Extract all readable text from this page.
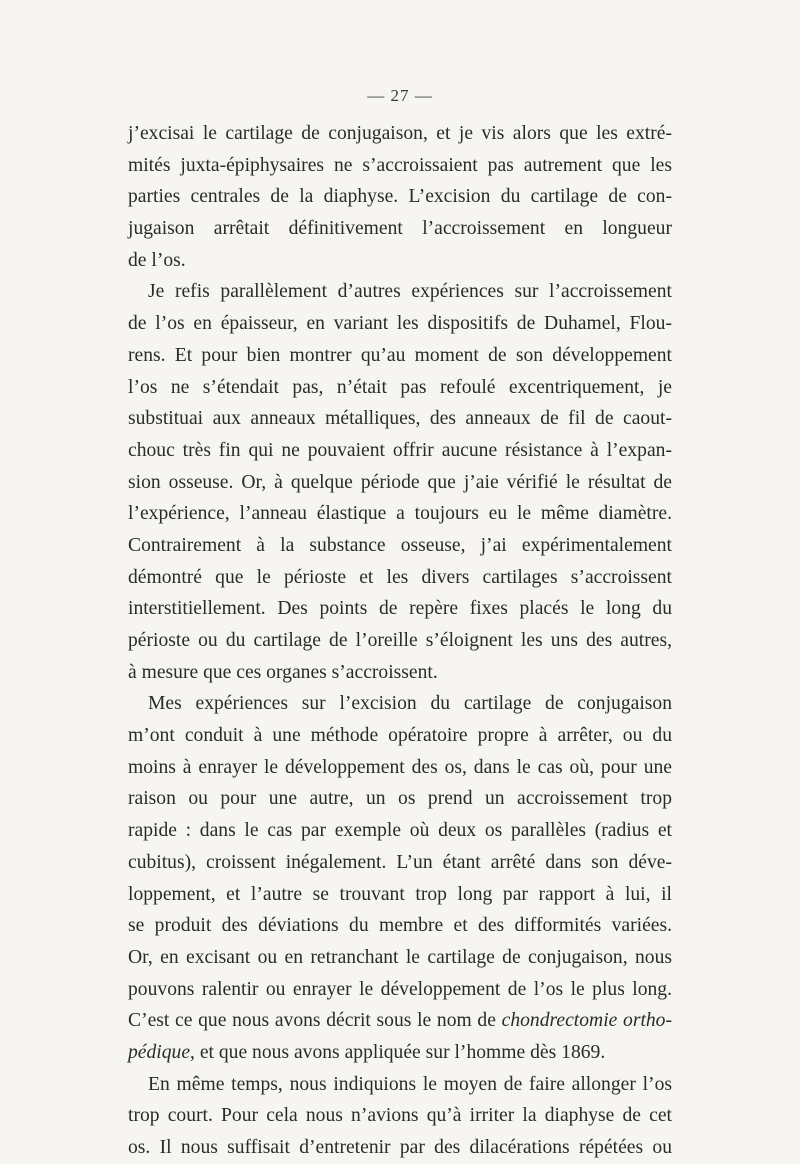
— 27 —
j’excisai le cartilage de conjugaison, et je vis alors que les extré-
mités juxta-épiphysaires ne s’accroissaient pas autrement que les
parties centrales de la diaphyse. L’excision du cartilage de con-
jugaison arrêtait définitivement l’accroissement en longueur
de l’os.
Je refis parallèlement d’autres expériences sur l’accroissement
de l’os en épaisseur, en variant les dispositifs de Duhamel, Flou-
rens. Et pour bien montrer qu’au moment de son développement
l’os ne s’étendait pas, n’était pas refoulé excentriquement, je
substituai aux anneaux métalliques, des anneaux de fil de caout-
chouc très fin qui ne pouvaient offrir aucune résistance à l’expan-
sion osseuse. Or, à quelque période que j’aie vérifié le résultat de
l’expérience, l’anneau élastique a toujours eu le même diamètre.
Contrairement à la substance osseuse, j’ai expérimentalement
démontré que le périoste et les divers cartilages s’accroissent
interstitiellement. Des points de repère fixes placés le long du
périoste ou du cartilage de l’oreille s’éloignent les uns des autres,
à mesure que ces organes s’accroissent.
Mes expériences sur l’excision du cartilage de conjugaison
m’ont conduit à une méthode opératoire propre à arrêter, ou du
moins à enrayer le développement des os, dans le cas où, pour une
raison ou pour une autre, un os prend un accroissement trop
rapide : dans le cas par exemple où deux os parallèles (radius et
cubitus), croissent inégalement. L’un étant arrêté dans son déve-
loppement, et l’autre se trouvant trop long par rapport à lui, il
se produit des déviations du membre et des difformités variées.
Or, en excisant ou en retranchant le cartilage de conjugaison, nous
pouvons ralentir ou enrayer le développement de l’os le plus long.
C’est ce que nous avons décrit sous le nom de chondrectomie ortho-
pédique, et que nous avons appliquée sur l’homme dès 1869.
En même temps, nous indiquions le moyen de faire allonger l’os
trop court. Pour cela nous n’avions qu’à irriter la diaphyse de cet
os. Il nous suffisait d’entretenir par des dilacérations répétées ou
